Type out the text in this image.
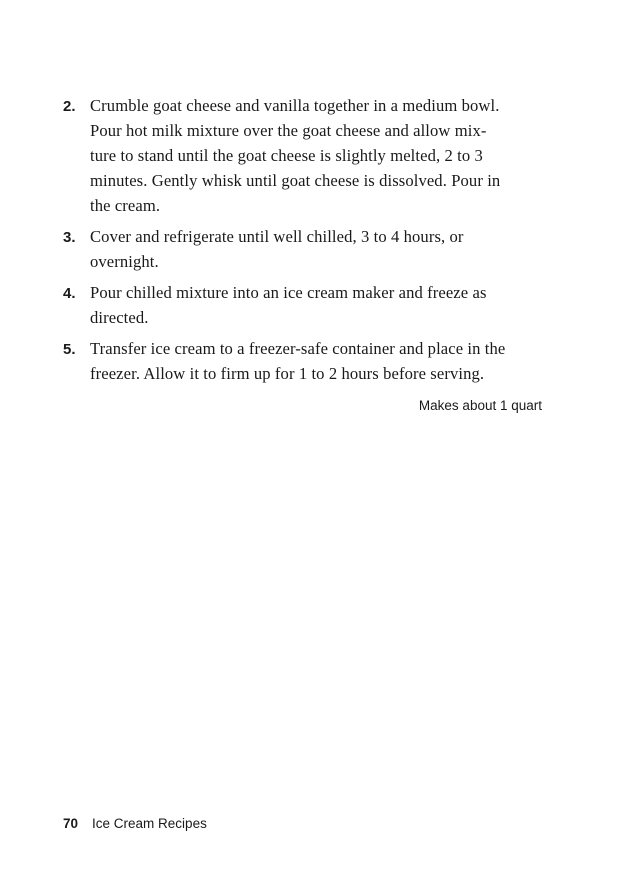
2. Crumble goat cheese and vanilla together in a medium bowl.
Pour hot milk mixture over the goat cheese and allow mix-
ture to stand until the goat cheese is slightly melted, 2 to 3
minutes. Gently whisk until goat cheese is dissolved. Pour in
the cream.
3. Cover and refrigerate until well chilled, 3 to 4 hours, or
overnight.
4. Pour chilled mixture into an ice cream maker and freeze as
directed.
5. Transfer ice cream to a freezer-safe container and place in the
freezer. Allow it to firm up for 1 to 2 hours before serving.
Makes about 1 quart
70 Ice Cream Recipes
